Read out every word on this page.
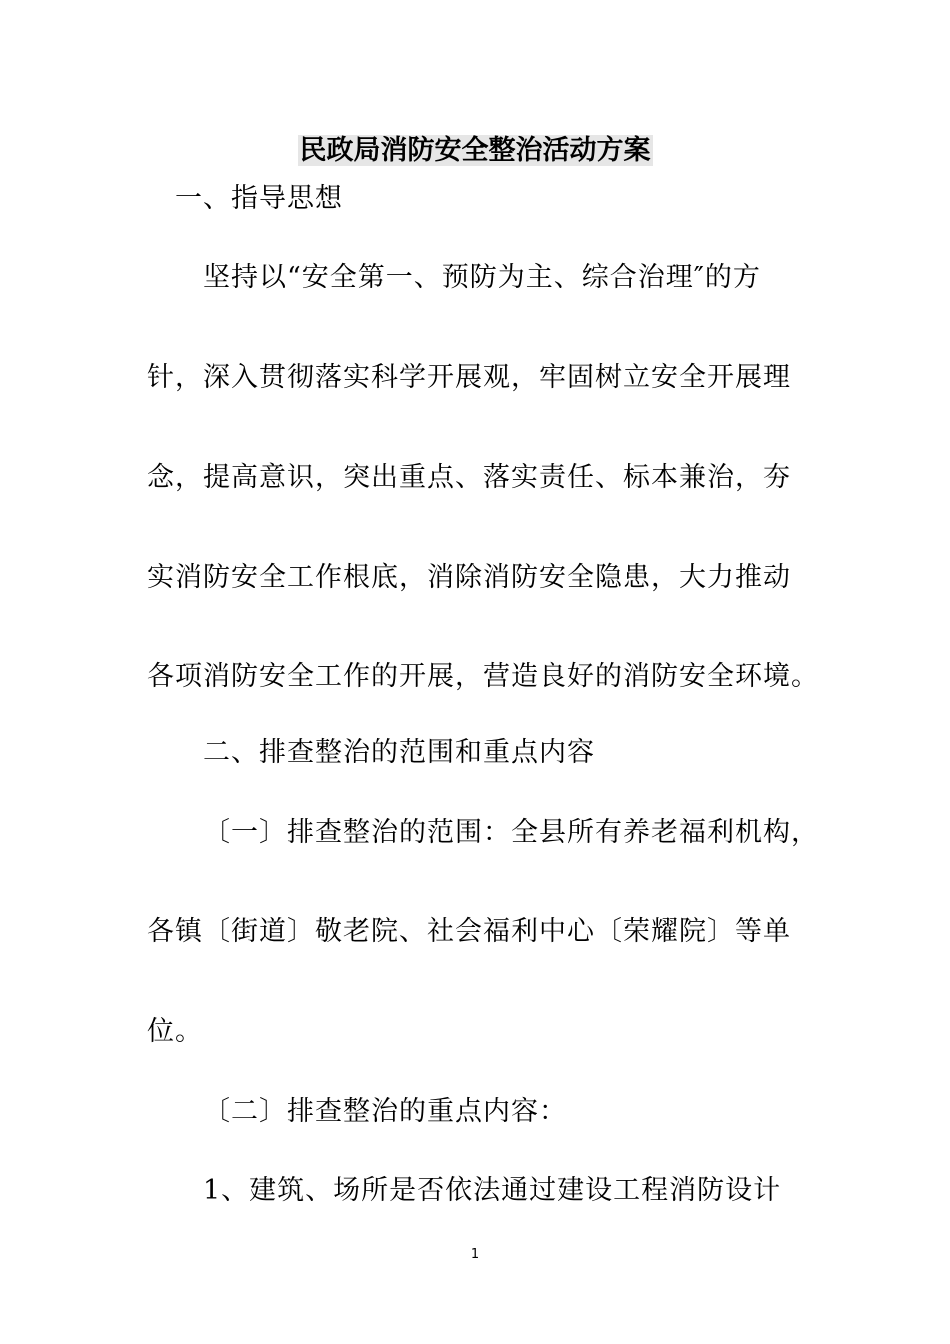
民政局消防安全整治活动方案
一、指导思想
坚持以“安全第一、预防为主、综合治理″的方
针，深入贯彻落实科学开展观，牢固树立安全开展理
念，提高意识，突出重点、落实责任、标本兼治，夯
实消防安全工作根底，消除消防安全隐患，大力推动
各项消防安全工作的开展，营造良好的消防安全环境。
二、排查整治的范围和重点内容
〔一〕排查整治的范围：全县所有养老福利机构，
各镇〔街道〕敬老院、社会福利中心〔荣耀院〕等单
位。
〔二〕排查整治的重点内容：
1、建筑、场所是否依法通过建设工程消防设计
1
